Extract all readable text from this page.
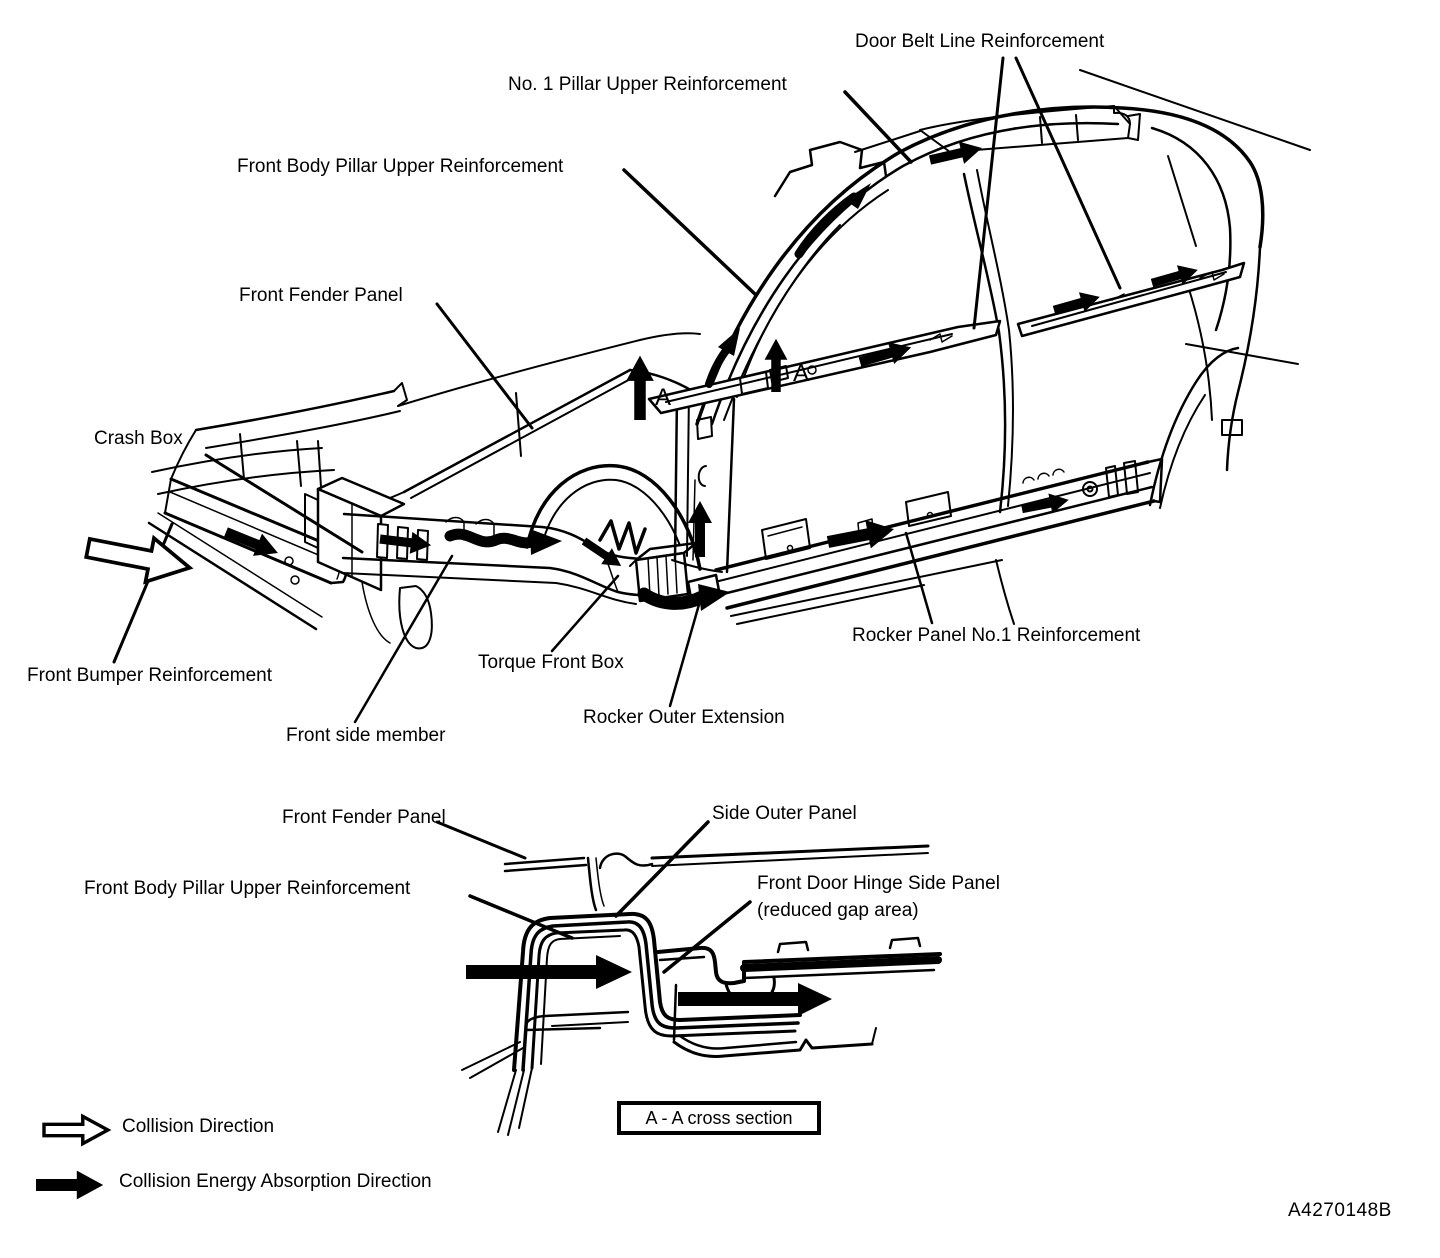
Door Belt Line Reinforcement
No. 1 Pillar Upper Reinforcement
Front Body Pillar Upper Reinforcement
Front Fender Panel
Crash Box
Front Bumper Reinforcement
Torque Front Box
Front side member
Rocker Outer Extension
Rocker Panel No.1 Reinforcement
A
A
Front Fender Panel	Side Outer Panel
Front Body Pillar Upper Reinforcement	Front Door Hinge Side Panel
(reduced gap area)
A - A cross section
Collision Direction
Collision Energy Absorption Direction
A4270148B
